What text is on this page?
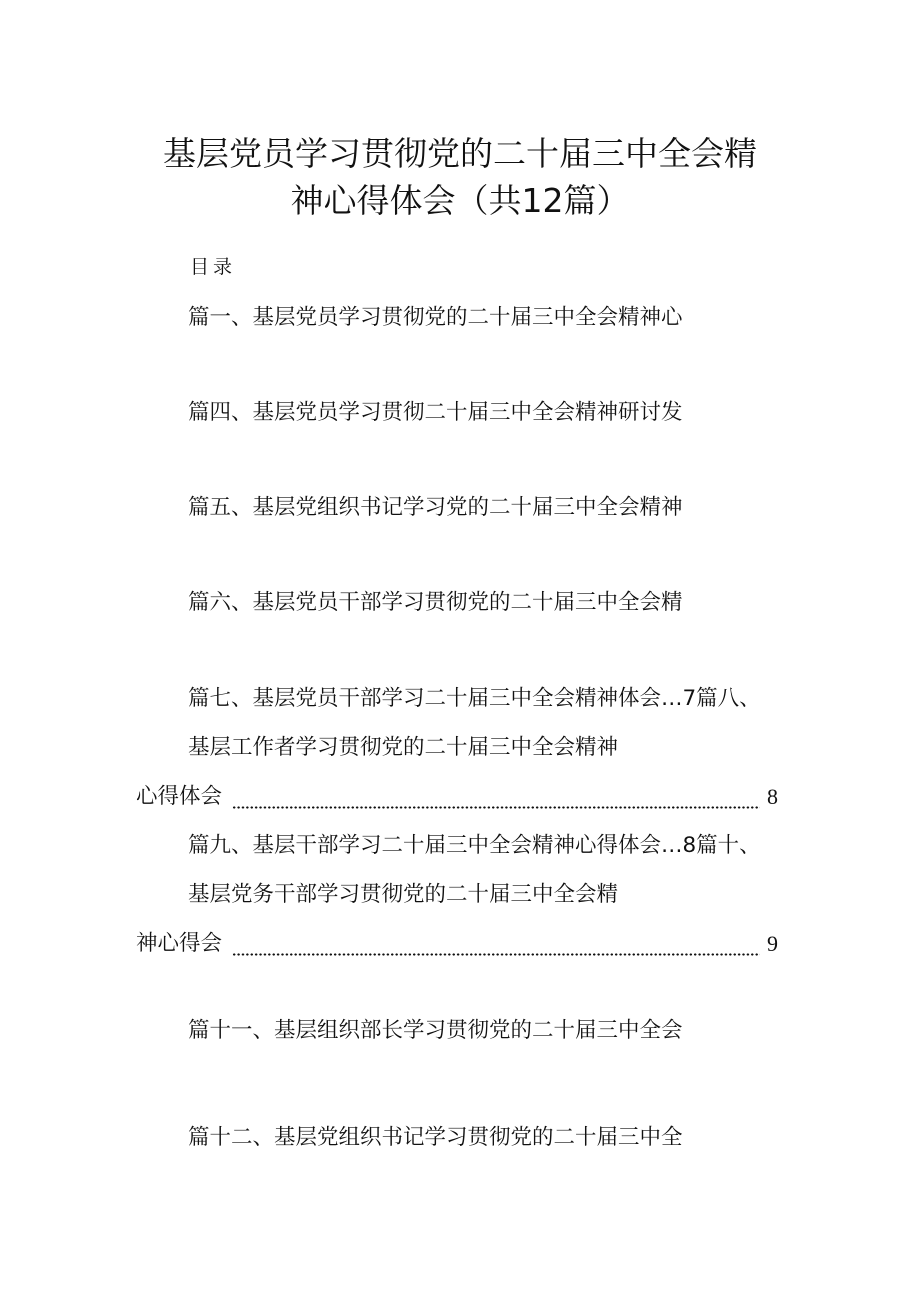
基层党员学习贯彻党的二十届三中全会精
神心得体会（共12篇）
目录
篇一、基层党员学习贯彻党的二十届三中全会精神心
篇四、基层党员学习贯彻二十届三中全会精神研讨发
篇五、基层党组织书记学习党的二十届三中全会精神
篇六、基层党员干部学习贯彻党的二十届三中全会精
篇七、基层党员干部学习二十届三中全会精神体会…7篇八、
基层工作者学习贯彻党的二十届三中全会精神
心得体会	8
篇九、基层干部学习二十届三中全会精神心得体会…8篇十、
基层党务干部学习贯彻党的二十届三中全会精
神心得会	9
篇十一、基层组织部长学习贯彻党的二十届三中全会
篇十二、基层党组织书记学习贯彻党的二十届三中全
